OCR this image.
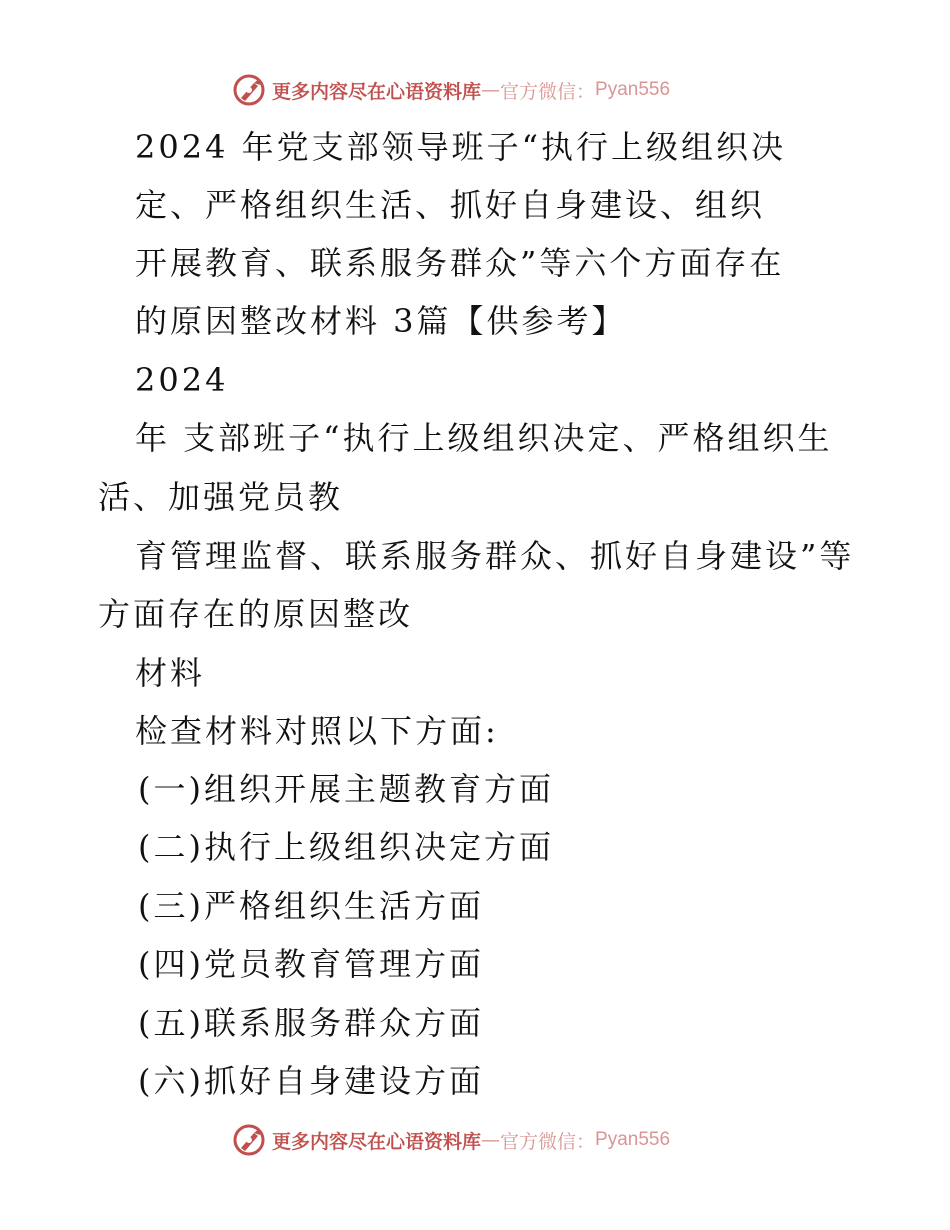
更多内容尽在心语资料库 — 官方微信： Pyan556
2024 年党支部领导班子“执行上级组织决
定、严格组织生活、抓好自身建设、组织
开展教育、联系服务群众”等六个方面存在
的原因整改材料 3篇【供参考】
2024
年 支部班子“执行上级组织决定、严格组织生
活、加强党员教
育管理监督、联系服务群众、抓好自身建设”等
方面存在的原因整改
材料
检查材料对照以下方面:
(一)组织开展主题教育方面
(二)执行上级组织决定方面
(三)严格组织生活方面
(四)党员教育管理方面
(五)联系服务群众方面
(六)抓好自身建设方面
更多内容尽在心语资料库 — 官方微信： Pyan556
